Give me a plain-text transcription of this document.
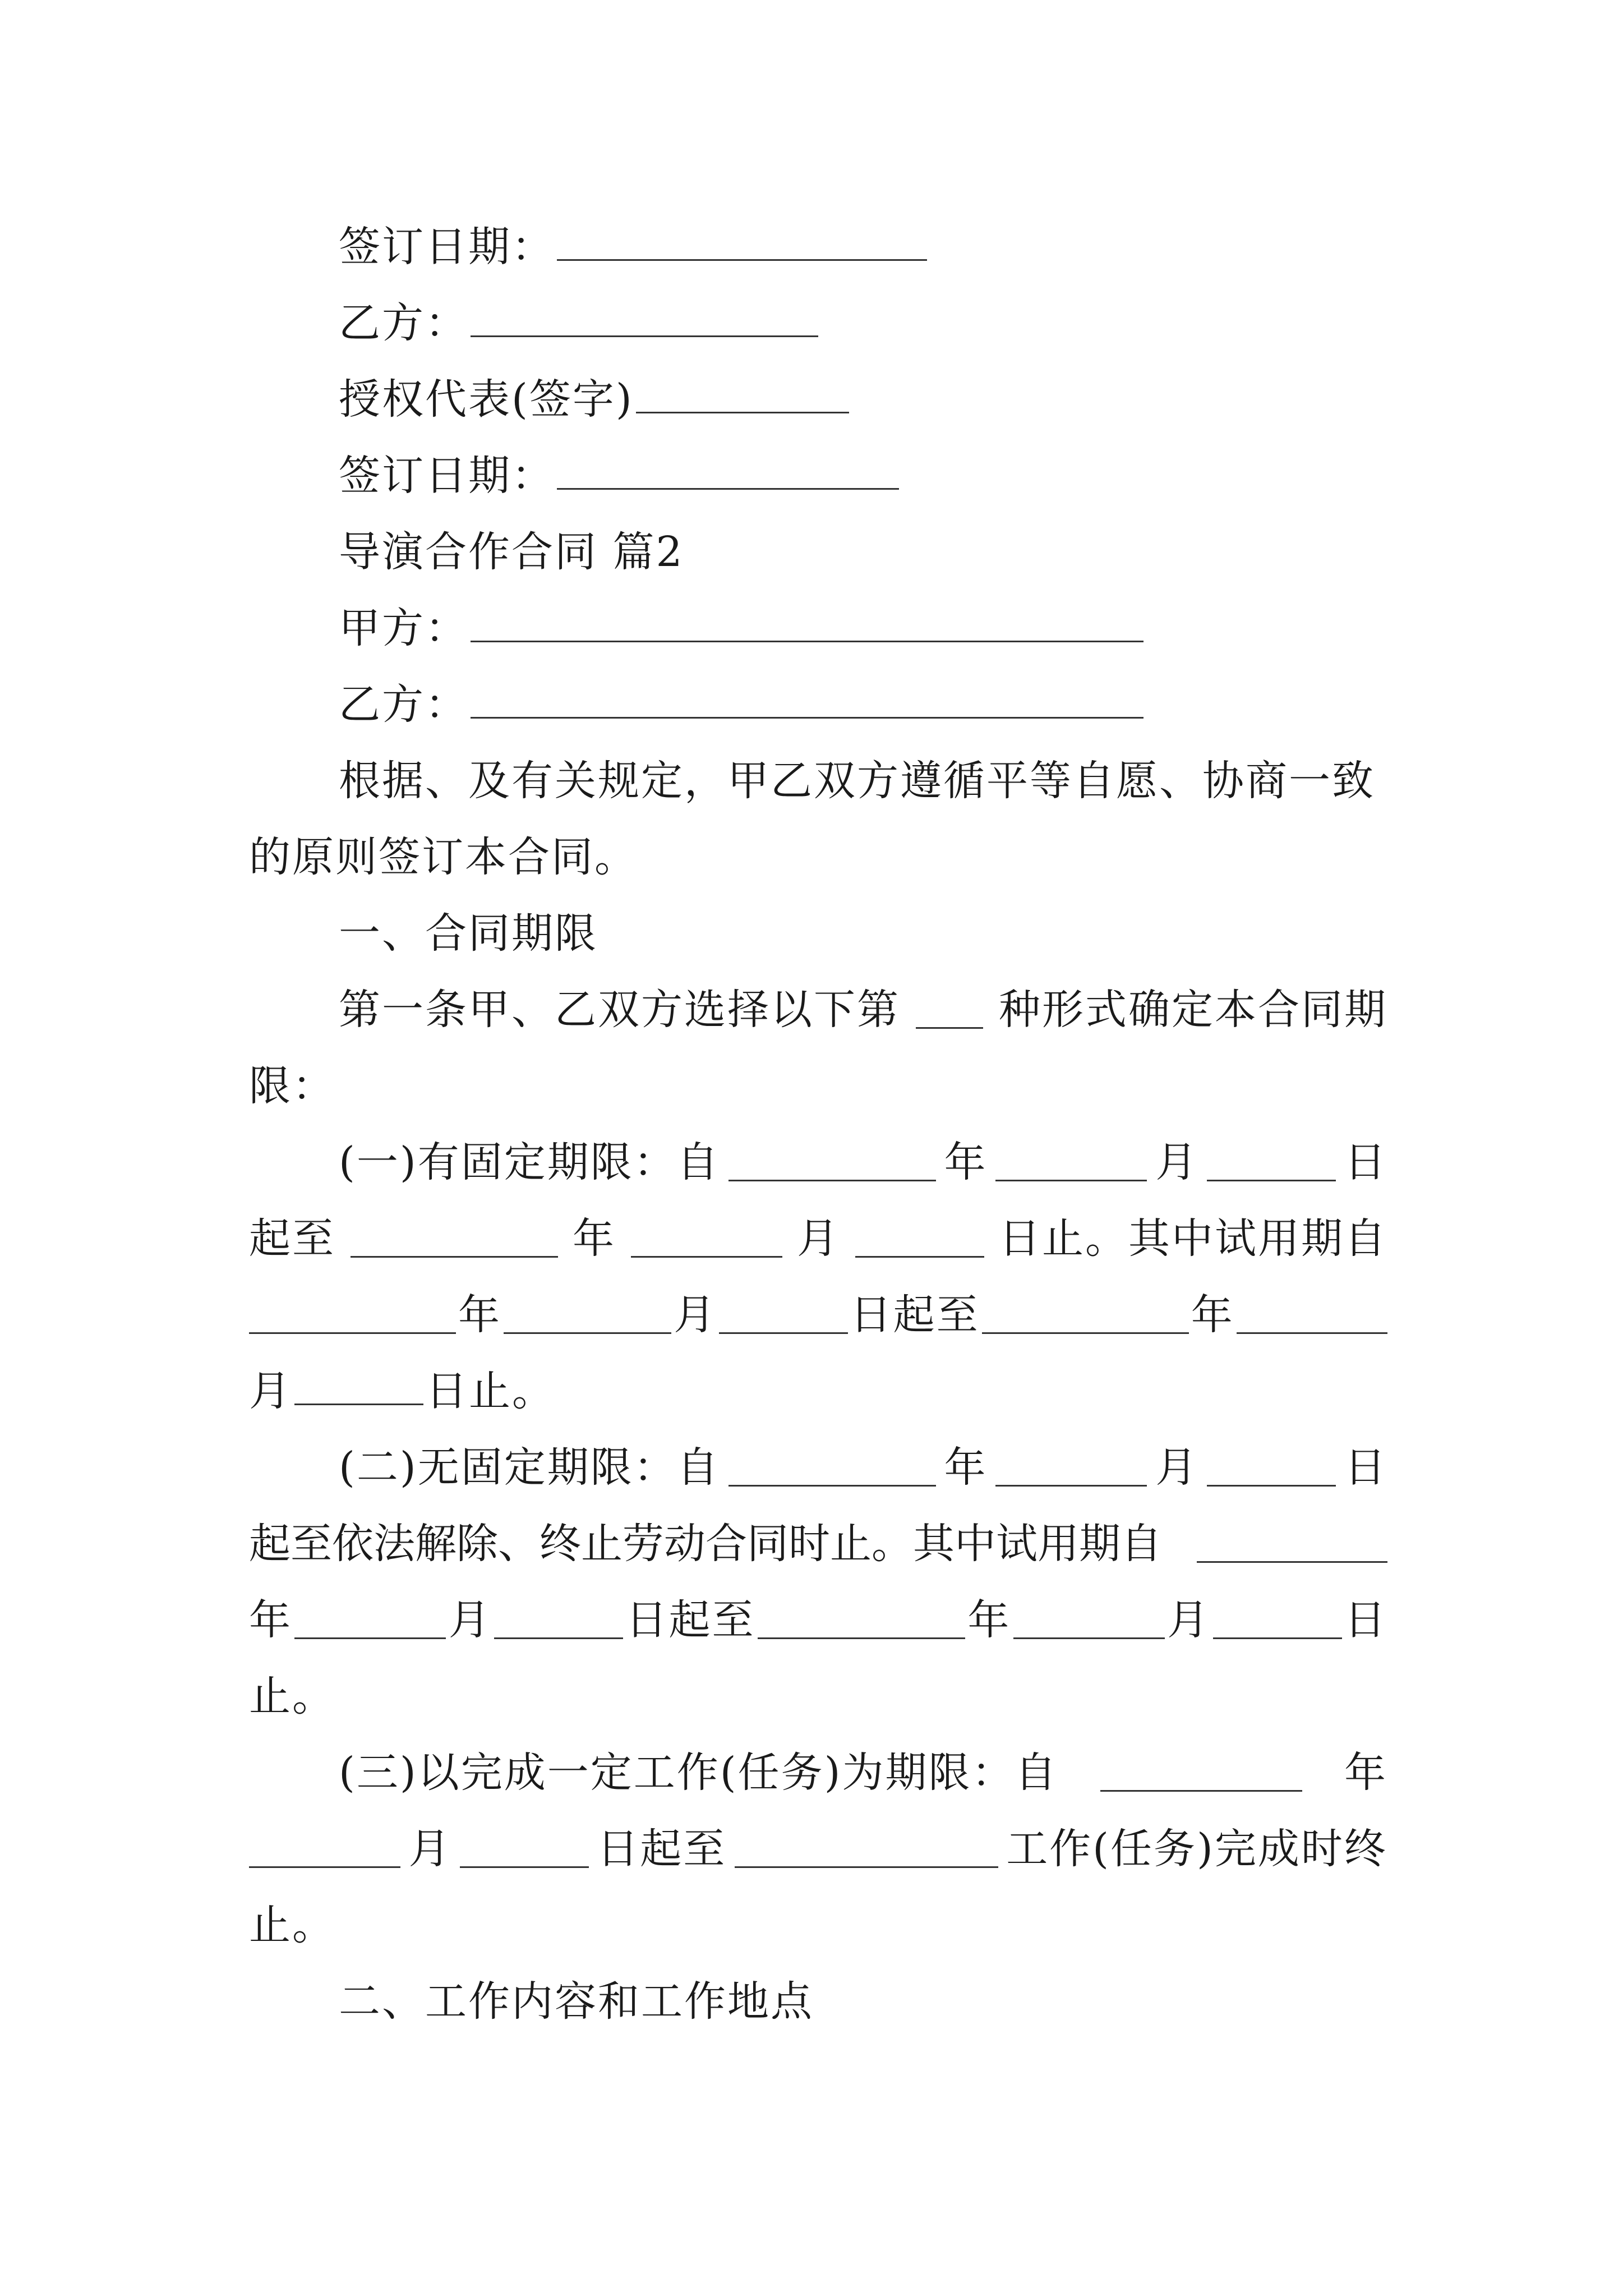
签订日期：
乙方：
授权代表(签字)
签订日期：
导演合作合同 篇2
甲方：
乙方：
根据、及有关规定，甲乙双方遵循平等自愿、协商一致
的原则签订本合同。
一、合同期限
第一条甲、乙双方选择以下第 种形式确定本合同期
限：
(一)有固定期限：自	年	月	日
起至	年	月	日止。其中试用期自
年	月	日起至	年
月	日止。
(二)无固定期限：自	年	月	日
起至依法解除、终止劳动合同时止。其中试用期自
年	月	日起至	年	月	日
止。
(三)以完成一定工作(任务)为期限：自	年
月	日起至	工作(任务)完成时终
止。
二、工作内容和工作地点
